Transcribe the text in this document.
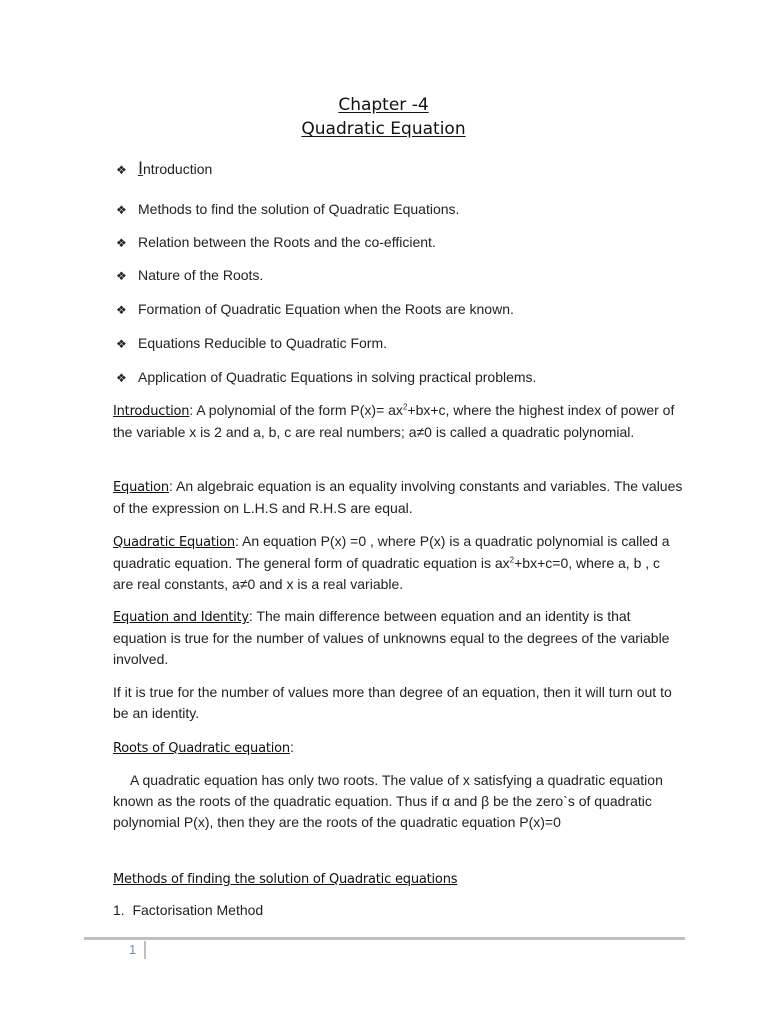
Chapter -4
Quadratic Equation
❖ Introduction
❖ Methods to find the solution of Quadratic Equations.
❖ Relation between the Roots and the co-efficient.
❖ Nature of the Roots.
❖ Formation of Quadratic Equation when the Roots are known.
❖ Equations Reducible to Quadratic Form.
❖ Application of Quadratic Equations in solving practical problems.

Introduction: A polynomial of the form $P(x)= ax^2+bx+c$, where the highest index of power of the variable x is 2 and a, b, c are real numbers; a≠0 is called a quadratic polynomial.

Equation: An algebraic equation is an equality involving constants and variables. The values of the expression on L.H.S and R.H.S are equal.

Quadratic Equation: An equation P(x) =0 , where P(x) is a quadratic polynomial is called a quadratic equation. The general form of quadratic equation is $ax^2+bx+c=0$, where a, b , c are real constants, a≠0 and x is a real variable.

Equation and Identity: The main difference between equation and an identity is that equation is true for the number of values of unknowns equal to the degrees of the variable involved.

If it is true for the number of values more than degree of an equation, then it will turn out to be an identity.

Roots of Quadratic equation:

A quadratic equation has only two roots. The value of x satisfying a quadratic equation known as the roots of the quadratic equation. Thus if α and β be the zero`s of quadratic polynomial P(x), then they are the roots of the quadratic equation P(x)=0

Methods of finding the solution of Quadratic equations

1. Factorisation Method
1
